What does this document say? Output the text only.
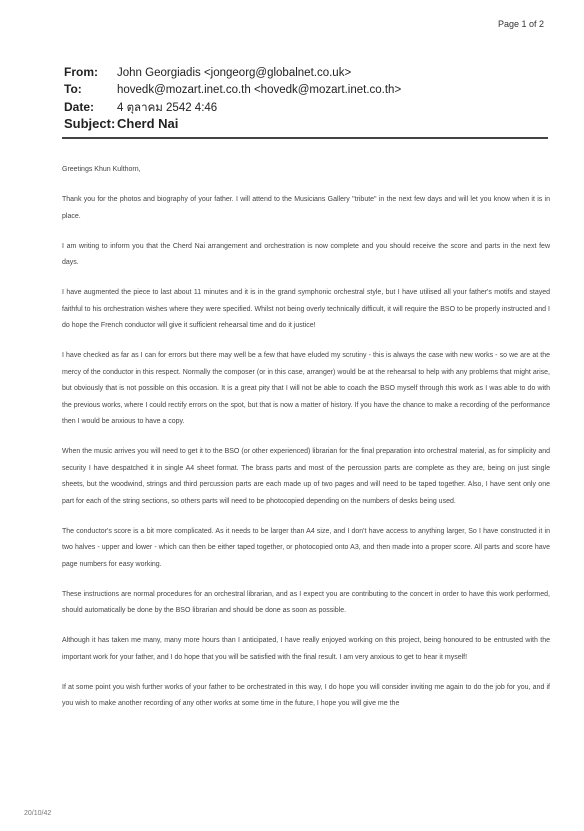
Page 1 of 2
From:	John Georgiadis <jongeorg@globalnet.co.uk>
To:	hovedk@mozart.inet.co.th <hovedk@mozart.inet.co.th>
Date:	4 ตุลาคม 2542 4:46
Subject: Cherd Nai

Greetings Khun Kulthorn,

Thank you for the photos and biography of your father. I will attend to the Musicians Gallery "tribute" in the next few days and will let you know when it is in place.

I am writing to inform you that the Cherd Nai arrangement and orchestration is now complete and you should receive the score and parts in the next few days.

I have augmented the piece to last about 11 minutes and it is in the grand symphonic orchestral style, but I have utilised all your father's motifs and stayed faithful to his orchestration wishes where they were specified. Whilst not being overly technically difficult, it will require the BSO to be properly instructed and I do hope the French conductor will give it sufficient rehearsal time and do it justice!

I have checked as far as I can for errors but there may well be a few that have eluded my scrutiny - this is always the case with new works - so we are at the mercy of the conductor in this respect. Normally the composer (or in this case, arranger) would be at the rehearsal to help with any problems that might arise, but obviously that is not possible on this occasion. It is a great pity that I will not be able to coach the BSO myself through this work as I was able to do with the previous works, where I could rectify errors on the spot, but that is now a matter of history. If you have the chance to make a recording of the performance then I would be anxious to have a copy.

When the music arrives you will need to get it to the BSO (or other experienced) librarian for the final preparation into orchestral material, as for simplicity and security I have despatched it in single A4 sheet format. The brass parts and most of the percussion parts are complete as they are, being on just single sheets, but the woodwind, strings and third percussion parts are each made up of two pages and will need to be taped together. Also, I have sent only one part for each of the string sections, so others parts will need to be photocopied depending on the numbers of desks being used.

The conductor's score is a bit more complicated. As it needs to be larger than A4 size, and I don't have access to anything larger, So I have constructed it in two halves - upper and lower - which can then be either taped together, or photocopied onto A3, and then made into a proper score. All parts and score have page numbers for easy working.

These instructions are normal procedures for an orchestral librarian, and as I expect you are contributing to the concert in order to have this work performed, should automatically be done by the BSO librarian and should be done as soon as possible.

Although it has taken me many, many more hours than I anticipated, I have really enjoyed working on this project, being honoured to be entrusted with the important work for your father, and I do hope that you will be satisfied with the final result. I am very anxious to get to hear it myself!

If at some point you wish further works of your father to be orchestrated in this way, I do hope you will consider inviting me again to do the job for you, and if you wish to make another recording of any other works at some time in the future, I hope you will give me the

20/10/42
